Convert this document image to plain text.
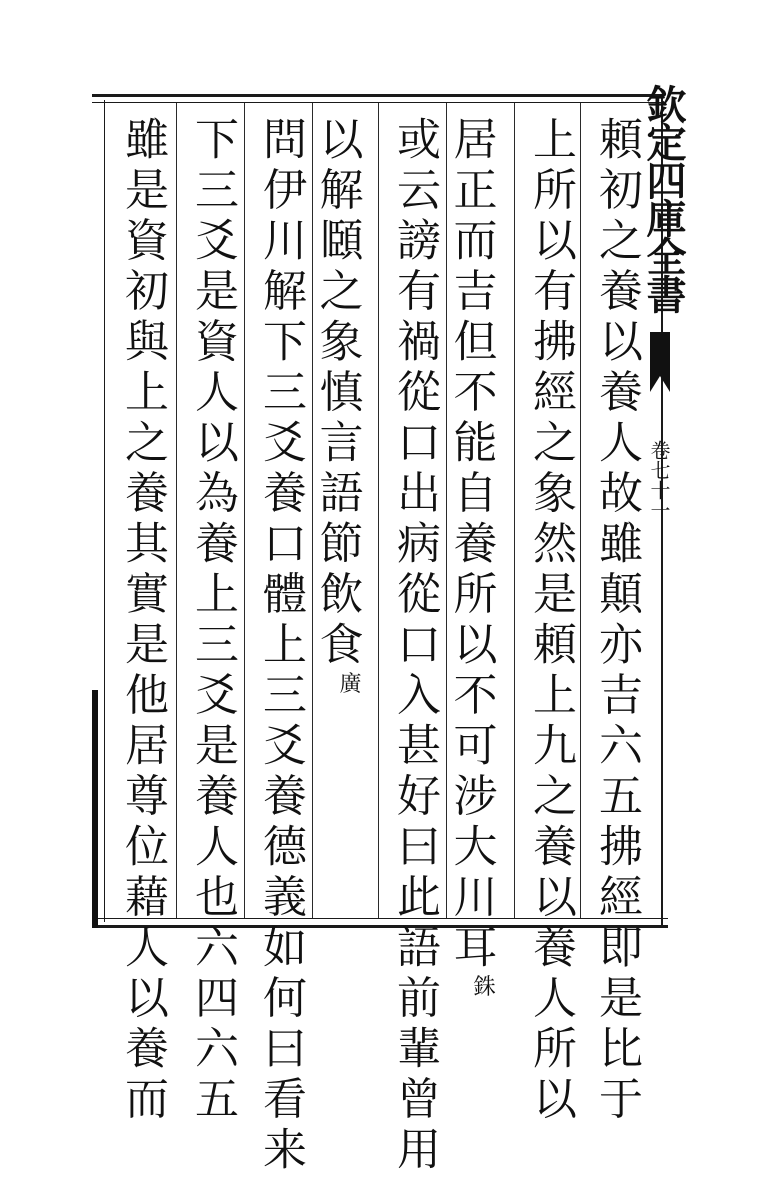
欽定四庫全書
卷七十一
頼初之養以養人故雖顛亦吉六五拂經即是比于
上所以有拂經之象然是頼上九之養以養人所以
居正而吉但不能自養所以不可涉大川耳銖
或云謗有禍從口出病從口入甚好曰此語前輩曾用
以解頥之象慎言語節飲食廣
問伊川解下三爻養口體上三爻養德義如何曰看来
下三爻是資人以為養上三爻是養人也六四六五
雖是資初與上之養其實是他居尊位藉人以養而
